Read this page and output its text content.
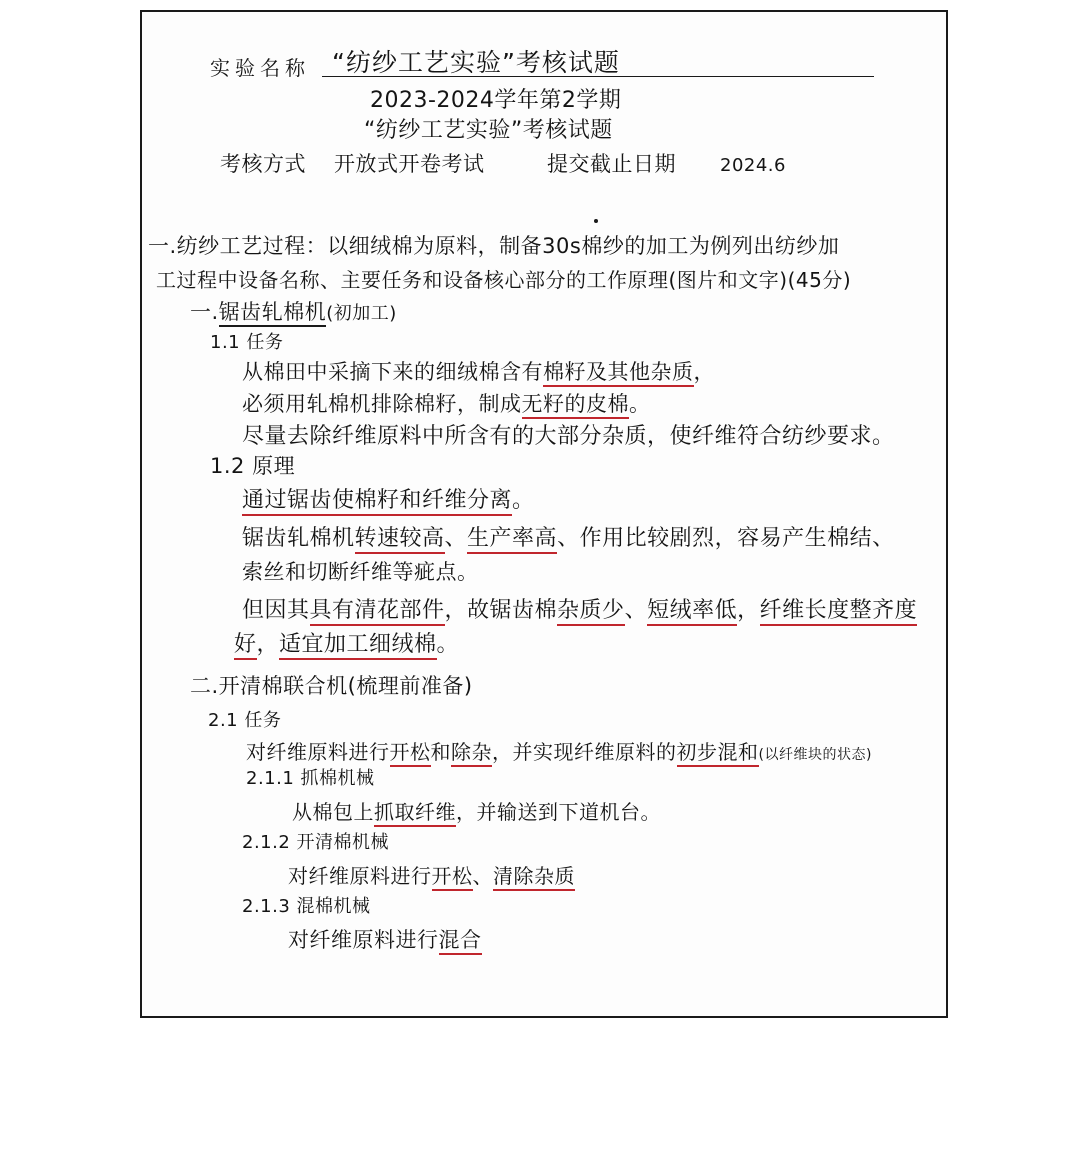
实验名称 “纺纱工艺实验”考核试题
2023-2024学年第2学期
“纺纱工艺实验”考核试题
考核方式 开放式开卷考试	提交截止日期 2024.6
一.纺纱工艺过程：以细绒棉为原料，制备30s棉纱的加工为例列出纺纱加
工过程中设备名称、主要任务和设备核心部分的工作原理(图片和文字)(45分)
一.锯齿轧棉机(初加工)
1.1 任务
从棉田中采摘下来的细绒棉含有棉籽及其他杂质，
必须用轧棉机排除棉籽，制成无籽的皮棉。
尽量去除纤维原料中所含有的大部分杂质，使纤维符合纺纱要求。
1.2 原理
通过锯齿使棉籽和纤维分离。
锯齿轧棉机转速较高、生产率高、作用比较剧烈，容易产生棉结、
索丝和切断纤维等疵点。
但因其具有清花部件，故锯齿棉杂质少、短绒率低，纤维长度整齐度
好，适宜加工细绒棉。
二.开清棉联合机(梳理前准备)
2.1 任务
对纤维原料进行开松和除杂，并实现纤维原料的初步混和(以纤维块的状态)
2.1.1 抓棉机械
从棉包上抓取纤维，并输送到下道机台。
2.1.2 开清棉机械
对纤维原料进行开松、清除杂质
2.1.3 混棉机械
对纤维原料进行混合
